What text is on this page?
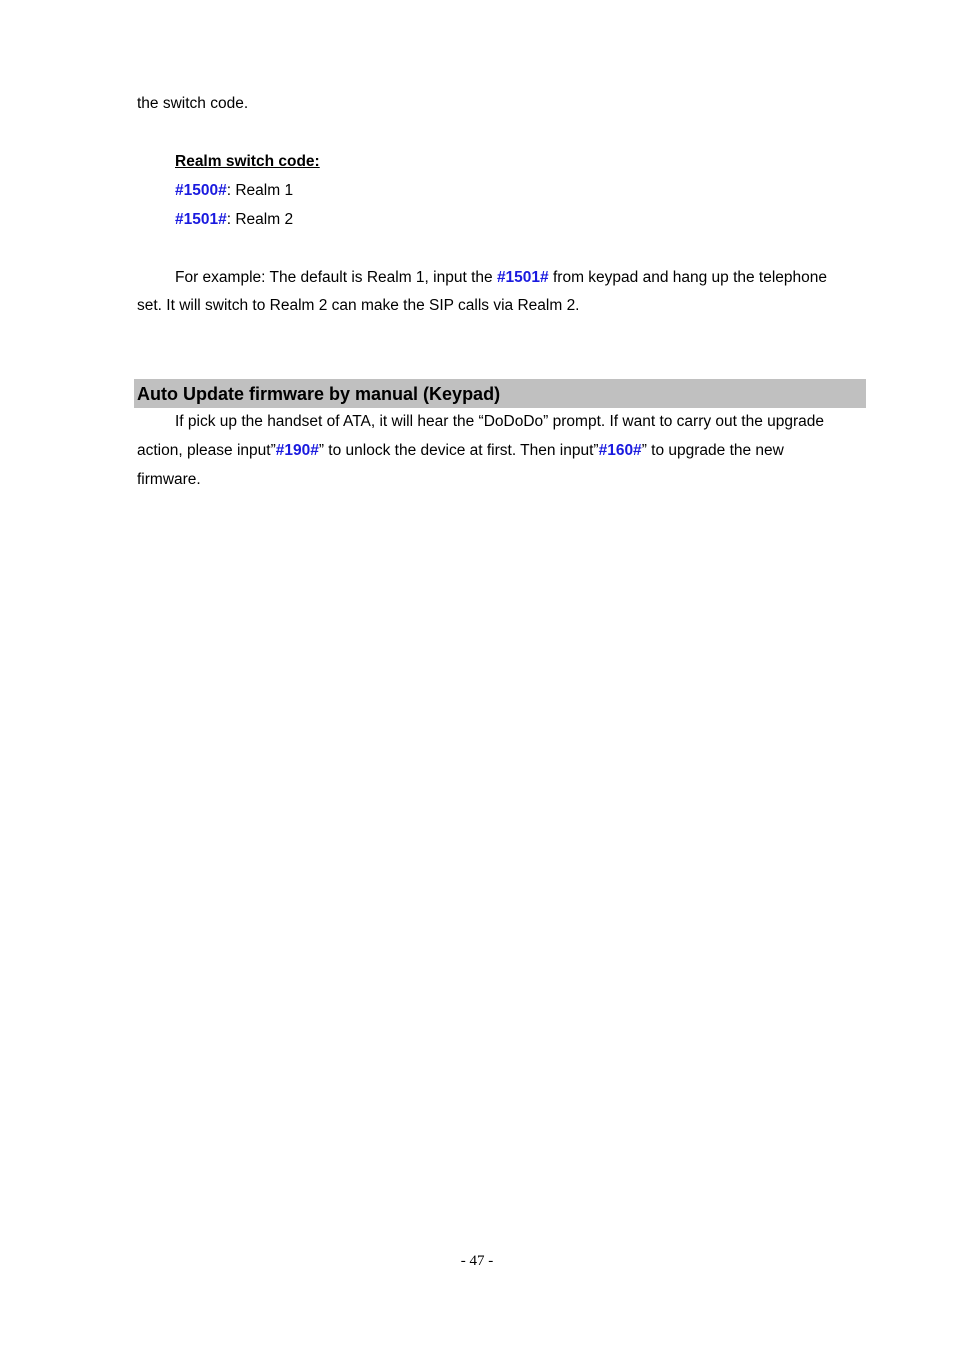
the switch code.
Realm switch code:
#1500#: Realm 1
#1501#: Realm 2
For example: The default is Realm 1, input the #1501# from keypad and hang up the telephone
set. It will switch to Realm 2 can make the SIP calls via Realm 2.
Auto Update firmware by manual (Keypad)
If pick up the handset of ATA, it will hear the “DoDoDo” prompt. If want to carry out the upgrade
action, please input”#190#” to unlock the device at first. Then input”#160#” to upgrade the new
firmware.
- 47 -
